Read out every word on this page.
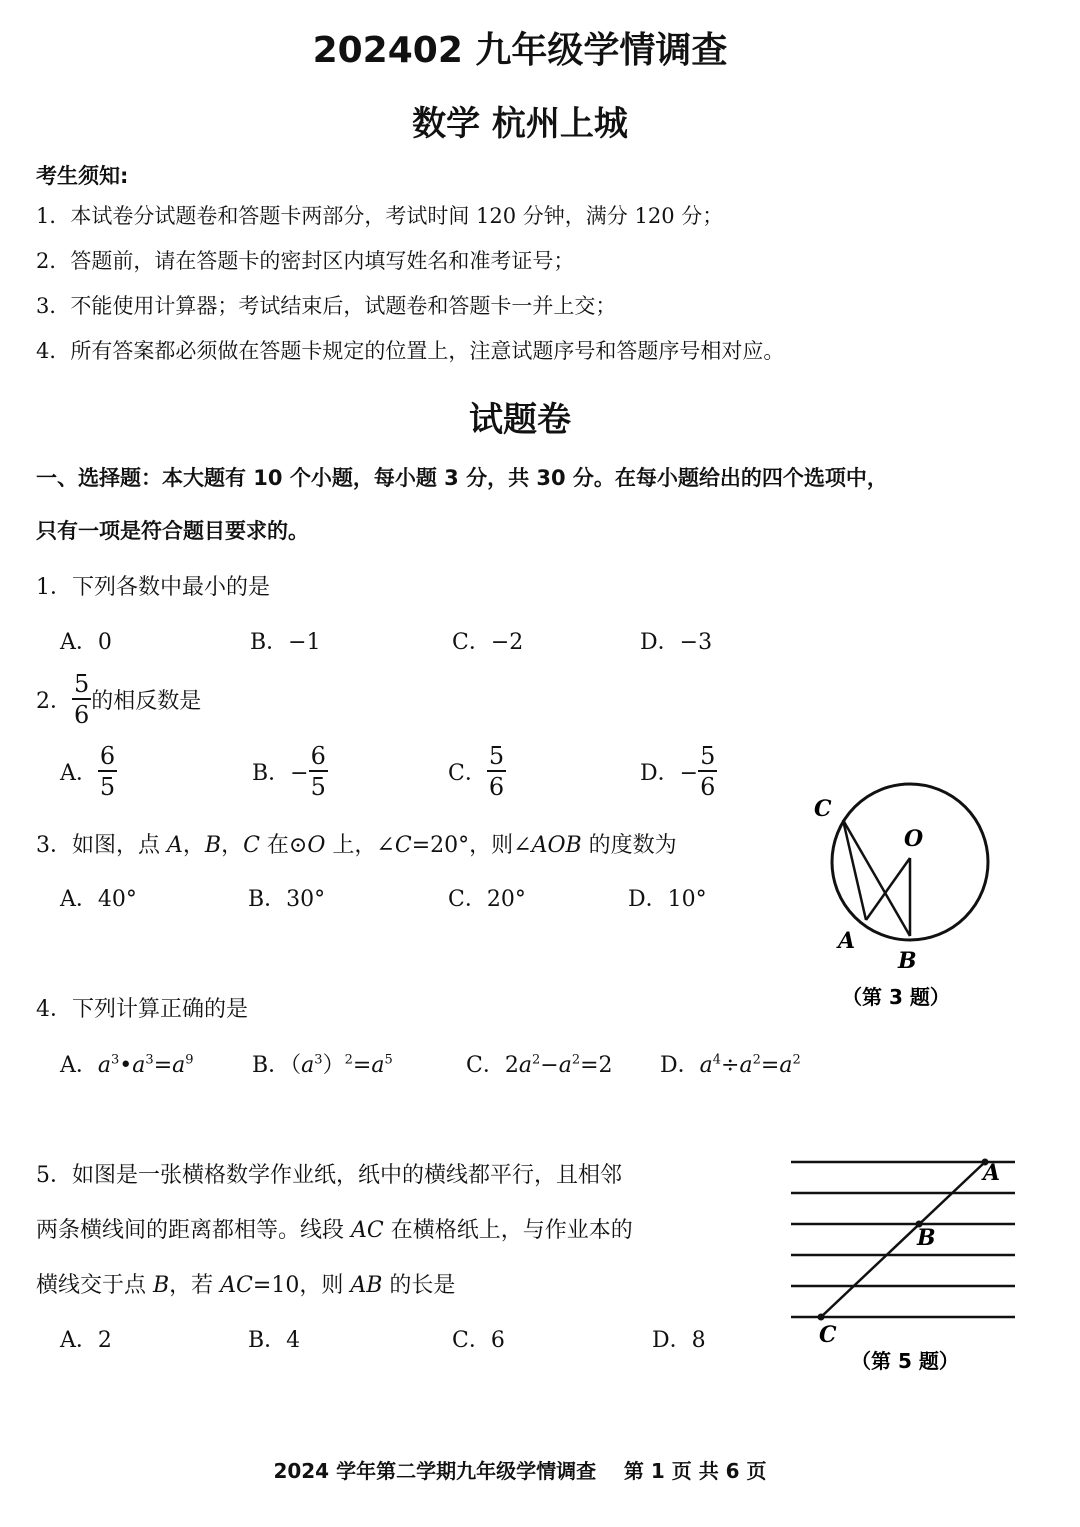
202402 九年级学情调查
数学 杭州上城
考生须知:
1．本试卷分试题卷和答题卡两部分，考试时间 120 分钟，满分 120 分；
2．答题前，请在答题卡的密封区内填写姓名和准考证号；
3．不能使用计算器；考试结束后，试题卷和答题卡一并上交；
4．所有答案都必须做在答题卡规定的位置上，注意试题序号和答题序号相对应。
试题卷
一、选择题：本大题有 10 个小题，每小题 3 分，共 30 分。在每小题给出的四个选项中，
只有一项是符合题目要求的。
1．下列各数中最小的是
A．0	B．−1	C．−2	D．−3
2． $\frac{5}{6}$ 的相反数是
A． $\frac{6}{5}$	B．− $\frac{6}{5}$	C． $\frac{5}{6}$	D．− $\frac{5}{6}$
3．如图，点 A，B，C 在⊙O 上，∠C=20°，则∠AOB 的度数为
A．40°	B．30°	C．20°	D．10°
C
O
A
B
（第 3 题）
4．下列计算正确的是
A．$a^3•a^3=a^9$	B．$(a^3)^2=a^5$	C．$2a^2-a^2=2$ D．$a^4\div a^2=a^2$
5．如图是一张横格数学作业纸，纸中的横线都平行，且相邻
两条横线间的距离都相等。线段 AC 在横格纸上，与作业本的
横线交于点 B，若 AC=10，则 AB 的长是
A．2	B．4	C．6	D．8
A
B
C
（第 5 题）
2024 学年第二学期九年级学情调查    第 1 页 共 6 页
